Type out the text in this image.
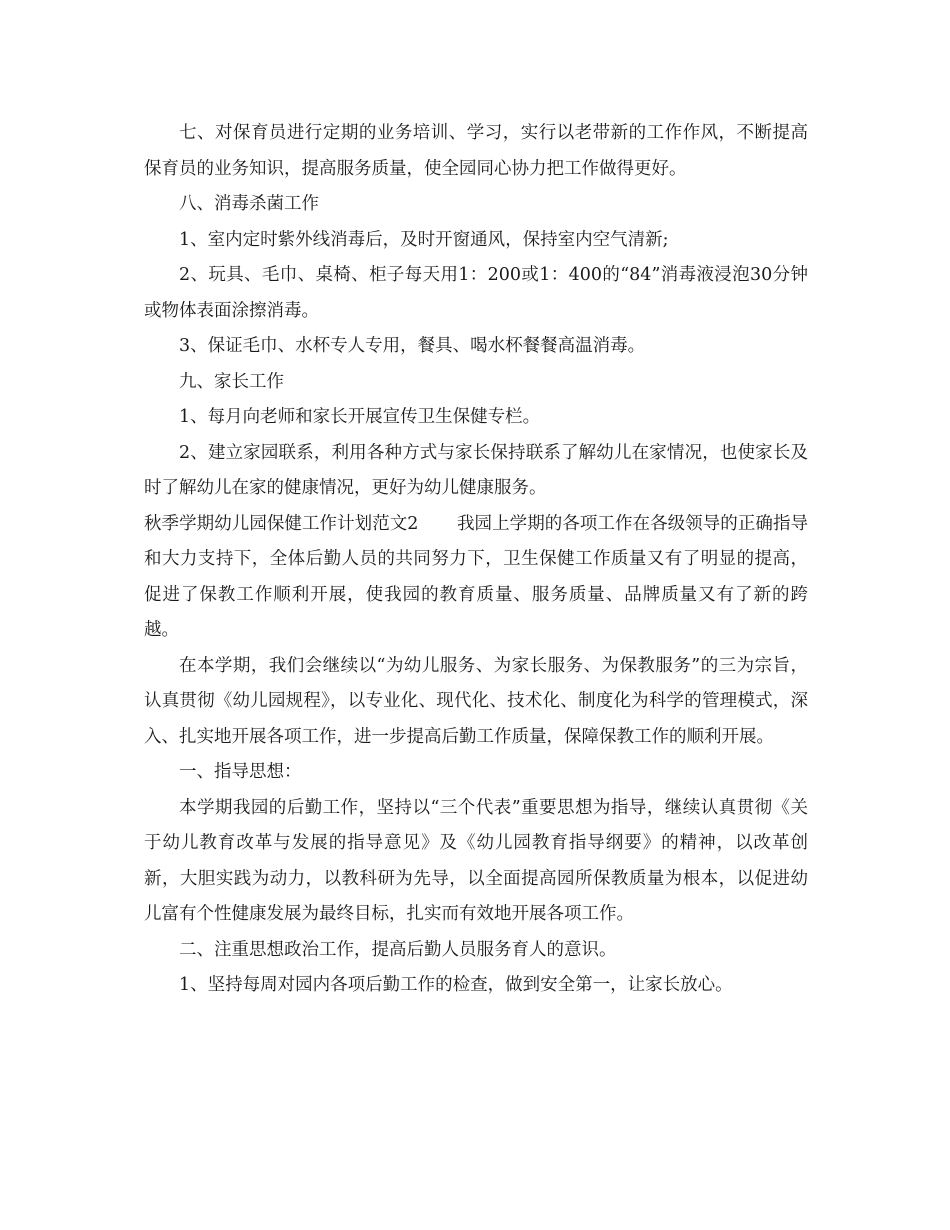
七、对保育员进行定期的业务培训、学习，实行以老带新的工作作风，不断提高保育员的业务知识，提高服务质量，使全园同心协力把工作做得更好。

八、消毒杀菌工作

1、室内定时紫外线消毒后，及时开窗通风，保持室内空气清新;

2、玩具、毛巾、桌椅、柜子每天用1：200或1：400的“84”消毒液浸泡30分钟或物体表面涂擦消毒。

3、保证毛巾、水杯专人专用，餐具、喝水杯餐餐高温消毒。

九、家长工作

1、每月向老师和家长开展宣传卫生保健专栏。

2、建立家园联系，利用各种方式与家长保持联系了解幼儿在家情况，也使家长及时了解幼儿在家的健康情况，更好为幼儿健康服务。

秋季学期幼儿园保健工作计划范文2 我园上学期的各项工作在各级领导的正确指导和大力支持下，全体后勤人员的共同努力下，卫生保健工作质量又有了明显的提高，促进了保教工作顺利开展，使我园的教育质量、服务质量、品牌质量又有了新的跨越。

在本学期，我们会继续以“为幼儿服务、为家长服务、为保教服务”的三为宗旨，认真贯彻《幼儿园规程》，以专业化、现代化、技术化、制度化为科学的管理模式，深入、扎实地开展各项工作，进一步提高后勤工作质量，保障保教工作的顺利开展。

一、指导思想：

本学期我园的后勤工作，坚持以“三个代表”重要思想为指导，继续认真贯彻《关于幼儿教育改革与发展的指导意见》及《幼儿园教育指导纲要》的精神，以改革创新，大胆实践为动力，以教科研为先导，以全面提高园所保教质量为根本，以促进幼儿富有个性健康发展为最终目标，扎实而有效地开展各项工作。

二、注重思想政治工作，提高后勤人员服务育人的意识。

1、坚持每周对园内各项后勤工作的检查，做到安全第一，让家长放心。
